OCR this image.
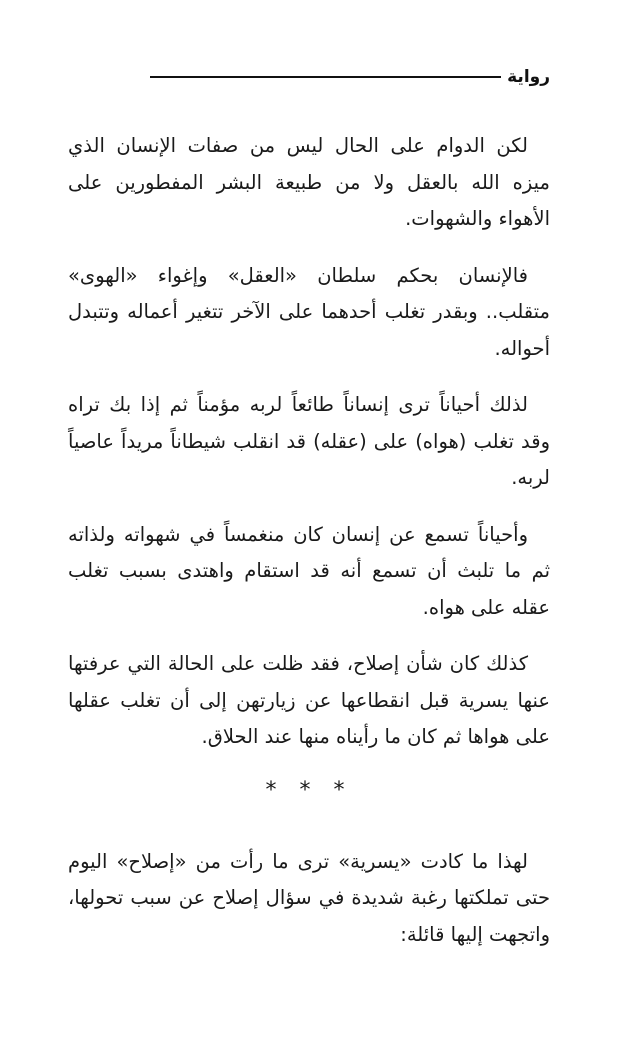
رواية

لكن الدوام على الحال ليس من صفات الإنسان الذي ميزه الله بالعقل ولا من طبيعة البشر المفطورين على الأهواء والشهوات.

فالإنسان بحكم سلطان «العقل» وإغواء «الهوى» متقلب.. وبقدر تغلب أحدهما على الآخر تتغير أعماله وتتبدل أحواله.

لذلك أحياناً ترى إنساناً طائعاً لربه مؤمناً ثم إذا بك تراه وقد تغلب (هواه) على (عقله) قد انقلب شيطاناً مريداً عاصياً لربه.

وأحياناً تسمع عن إنسان كان منغمساً في شهواته ولذاته ثم ما تلبث أن تسمع أنه قد استقام واهتدى بسبب تغلب عقله على هواه.

كذلك كان شأن إصلاح، فقد ظلت على الحالة التي عرفتها عنها يسرية قبل انقطاعها عن زيارتهن إلى أن تغلب عقلها على هواها ثم كان ما رأيناه منها عند الحلاق.

* * *

لهذا ما كادت «يسرية» ترى ما رأت من «إصلاح» اليوم حتى تملكتها رغبة شديدة في سؤال إصلاح عن سبب تحولها، واتجهت إليها قائلة:
